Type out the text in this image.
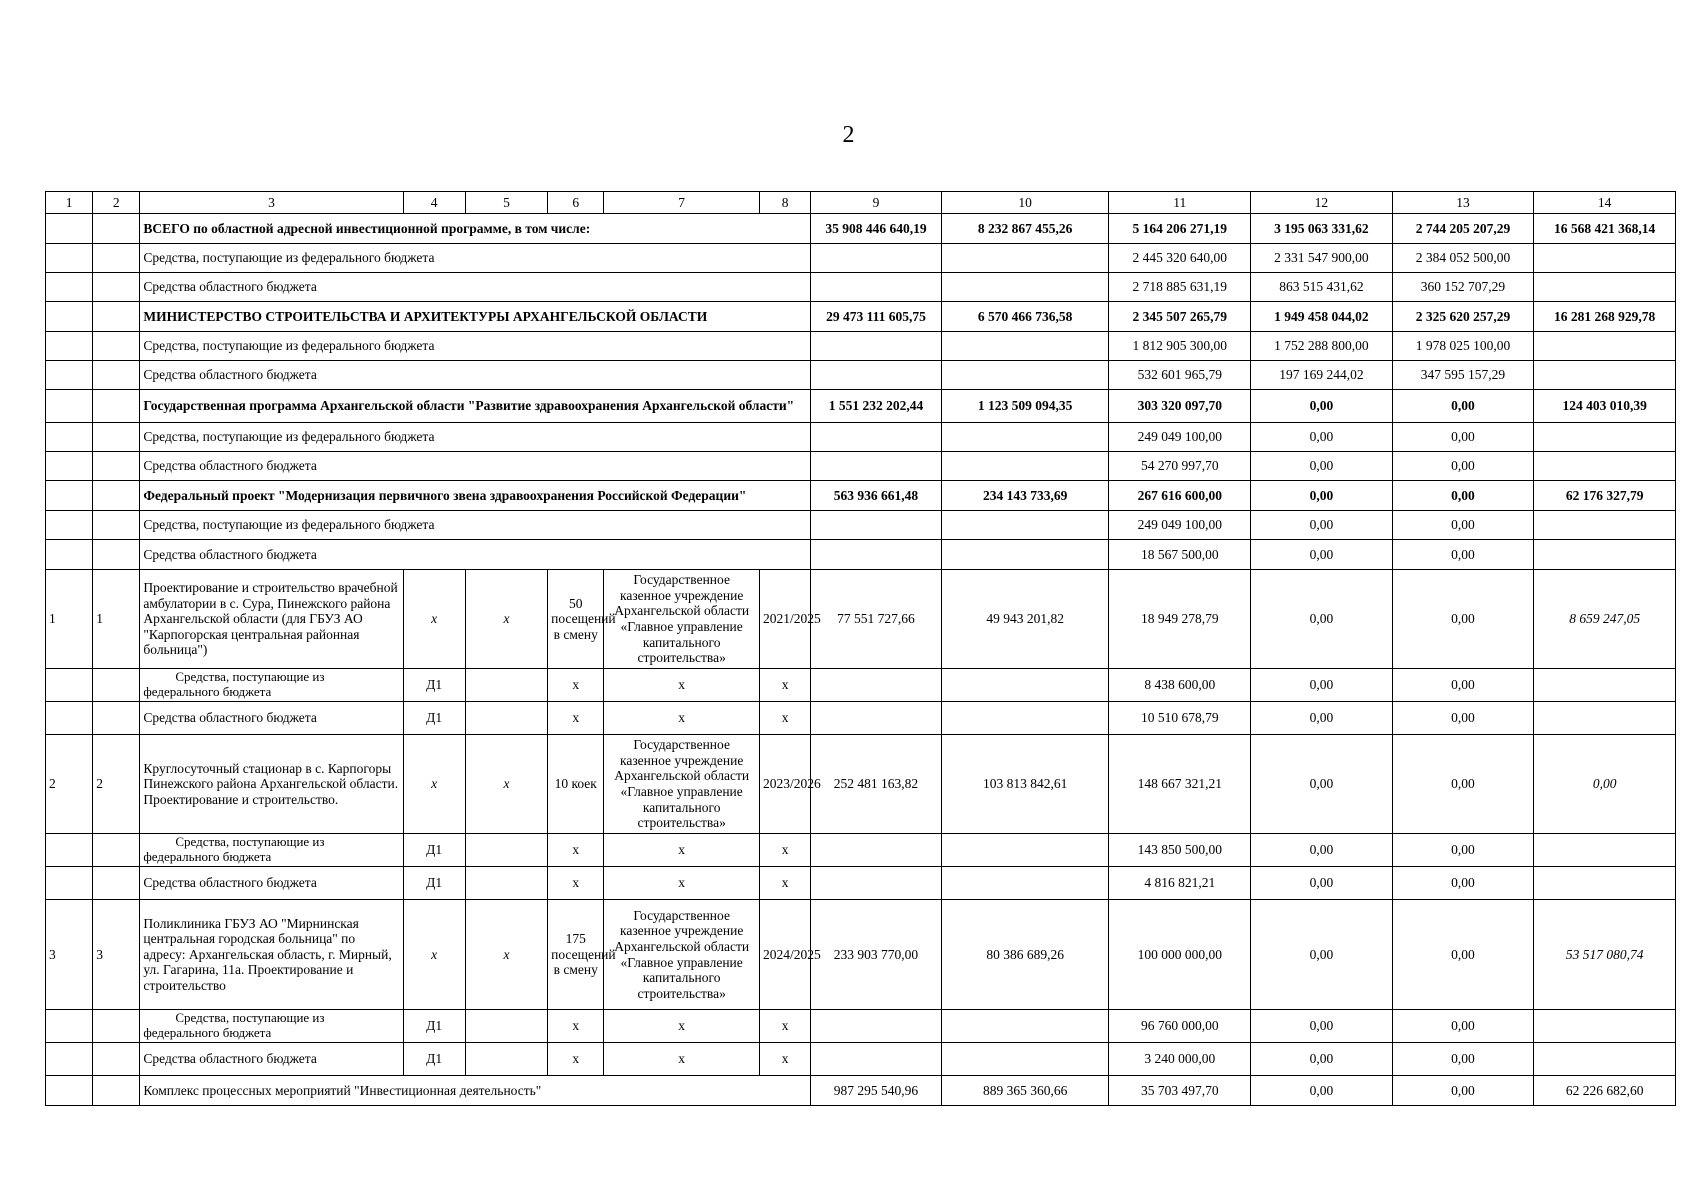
2
1	2	3	4	5	6	7	8	9	10	11	12	13	14
		ВСЕГО по областной адресной инвестиционной программе, в том числе:						35 908 446 640,19	8 232 867 455,26	5 164 206 271,19	3 195 063 331,62	2 744 205 207,29	16 568 421 368,14
		Средства, поступающие из федерального бюджета								2 445 320 640,00	2 331 547 900,00	2 384 052 500,00	
		Средства областного бюджета								2 718 885 631,19	863 515 431,62	360 152 707,29	
		МИНИСТЕРСТВО СТРОИТЕЛЬСТВА И АРХИТЕКТУРЫ АРХАНГЕЛЬСКОЙ ОБЛАСТИ						29 473 111 605,75	6 570 466 736,58	2 345 507 265,79	1 949 458 044,02	2 325 620 257,29	16 281 268 929,78
		Средства, поступающие из федерального бюджета								1 812 905 300,00	1 752 288 800,00	1 978 025 100,00	
		Средства областного бюджета								532 601 965,79	197 169 244,02	347 595 157,29	
		Государственная программа Архангельской области "Развитие здравоохранения Архангельской области"						1 551 232 202,44	1 123 509 094,35	303 320 097,70	0,00	0,00	124 403 010,39
		Средства, поступающие из федерального бюджета								249 049 100,00	0,00	0,00	
		Средства областного бюджета								54 270 997,70	0,00	0,00	
		Федеральный проект "Модернизация первичного звена здравоохранения Российской Федерации"						563 936 661,48	234 143 733,69	267 616 600,00	0,00	0,00	62 176 327,79
		Средства, поступающие из федерального бюджета								249 049 100,00	0,00	0,00	
		Средства областного бюджета								18 567 500,00	0,00	0,00	
1	1	Проектирование и строительство врачебной амбулатории в с. Сура, Пинежского района Архангельской области (для ГБУЗ АО "Карпогорская центральная районная больница")	x	x	50 посещений в смену	Государственное казенное учреждение Архангельской области «Главное управление капитального строительства»	2021/2025	77 551 727,66	49 943 201,82	18 949 278,79	0,00	0,00	8 659 247,05
		Средства, поступающие из федерального бюджета	Д1		x	x	x			8 438 600,00	0,00	0,00	
		Средства областного бюджета	Д1		x	x	x			10 510 678,79	0,00	0,00	
2	2	Круглосуточный стационар в с. Карпогоры Пинежского района Архангельской области. Проектирование и строительство.	x	x	10 коек	Государственное казенное учреждение Архангельской области «Главное управление капитального строительства»	2023/2026	252 481 163,82	103 813 842,61	148 667 321,21	0,00	0,00	0,00
		Средства, поступающие из федерального бюджета	Д1		x	x	x			143 850 500,00	0,00	0,00	
		Средства областного бюджета	Д1		x	x	x			4 816 821,21	0,00	0,00	
3	3	Поликлиника ГБУЗ АО "Мирнинская центральная городская больница" по адресу: Архангельская область, г. Мирный, ул. Гагарина, 11а. Проектирование и строительство	x	x	175 посещений в смену	Государственное казенное учреждение Архангельской области «Главное управление капитального строительства»	2024/2025	233 903 770,00	80 386 689,26	100 000 000,00	0,00	0,00	53 517 080,74
		Средства, поступающие из федерального бюджета	Д1		x	x	x			96 760 000,00	0,00	0,00	
		Средства областного бюджета	Д1		x	x	x			3 240 000,00	0,00	0,00	
		Комплекс процессных мероприятий "Инвестиционная деятельность"						987 295 540,96	889 365 360,66	35 703 497,70	0,00	0,00	62 226 682,60
